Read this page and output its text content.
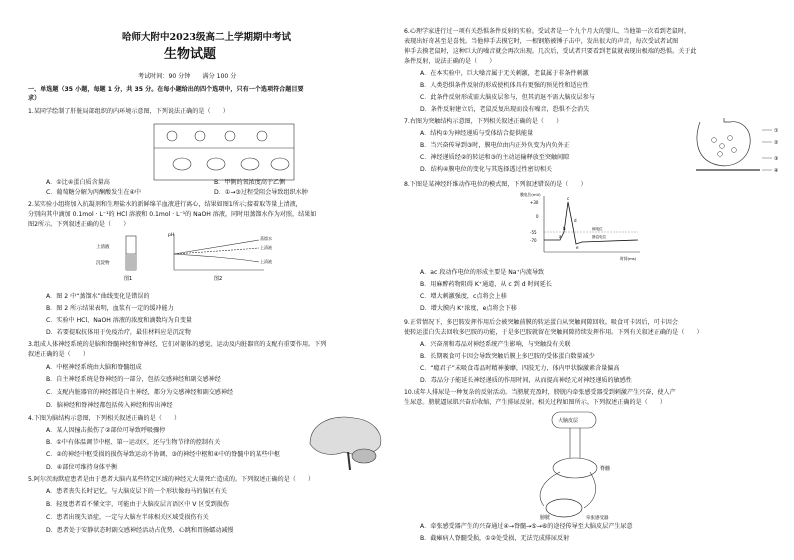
哈师大附中2023级高二上学期期中考试
生物试题
考试时间：90 分钟　　满分 100 分
一、单选题（35 小题，每题 1 分，共 35 分。在每小题给出的四个选项中，只有一个选项符合题目要
求）
1.某同学绘制了肝脏局部组织的内环境示意图，下列说法正确的是（　　）
A．①比④蛋白质含量高	B．甲側的氧浓度高于乙侧
C．葡萄糖分解为丙酮酸发生在④中	D．①→③过程受阻会导致组织水肿
2.某实验小组将加入抗凝剂和生理盐水的新鲜绵羊血液进行离心，结果如图1所示;接着取等量上清液，
分别向其中滴加 0.1mol · L⁻¹的 HCl 溶液和 0.1mol · L⁻¹的 NaOH 溶液，同时用蒸馏水作为对照，结果如
图2所示。下列叙述正确的是（　　）
上清液
沉淀物
图1
pH
蒸馏水
上清液
上清液
图2
A．图 2 中“蒸馏水”曲线变化是错误的
B．图 2 所示结果表明，血浆有一定的缓冲能力
C．实验中 HCl、NaOH 溶液的浓度和滴数均为自变量
D．若要提取抗体用于免疫治疗，最佳材料应是沉淀物
3.组成人体神经系统的是脑和脊髓神经和脊神经，它们对躯体的感觉、运动及内脏器官的支配有重要作用。下列
叙述正确的是（　　）
A．中枢神经系统由大脑和脊髓组成
B．自主神经系统是脊神经的一部分，包括交感神经和副交感神经
C．支配内脏器官的神经都是自主神经，都分为交感神经和副交感神经
D．脑神经和脊神经都包括传入神经和传出神经
4.下图为脑结构示意图，下列相关叙述正确的是（　　）
A．某人因撞击损伤了②部位可导致呼吸骤停
B．①中有体温调节中枢、第一运动区，还与生物节律的控制有关
C．②的神经中枢受损的损伤导致运动不协调、③的神经中枢和④中的脊髓中的某些中枢
D．④部位可维持身体平衡
5.阿尔茨海默症患者是由于患者大脑内某些特定区域的神经元大量死亡造成的。下列叙述正确的是（　　）
A．患者丧失长时记忆，与大脑皮层下的一个形状像海马的脑区有关
B．轻度患者看不懂文字，可能由于大脑皮层言语区中 V 区受到损伤
C．患者出现失语症，一定与大脑左半球相关区域受损伤有关
D．患者处于安静状态时副交感神经活动占优势，心跳和胃肠蠕动减慢
6.心理学家进行过一项有关恐惧条件反射的实验。受试者是一个九个月大的婴儿，当他第一次看到老鼠时，
表现出好奇甚至是喜悦。当他伸手去摸它时，一根钢筋被锤子击中，发出很大的声音，每次受试者试图
伸手去摸老鼠时，这种巨大的噪音就会再次出现。几次后，受试者只要看到老鼠就表现出极端的恐惧。关于此
条件反射，说法正确的是（　　）
A．在本实验中，巨大噪音属于无关刺激，老鼠属于非条件刺激
B．人类恐惧条件反射的形成使机体具有更强的预见性和适应性
C．此条件反射形成需大脑皮层参与，但其消退不需大脑皮层参与
D．条件反射建立后，老鼠反复出现而没有噪音，恐惧不会消失
7.右图为突触结构示意图，下列相关叙述正确的是（　　）
①
②
③
④
A．结构①为神经递质与受体结合提供能量
B．当兴奋传导到③时，膜电位由内正外负变为内负外正
C．神经递质经②的转运和③的主动运输释放至突触间隙
D．结构④膜电位的变化与其选择透过性密切相关
8.下图是某神经纤维动作电位的模式图，下列叙述错误的是（　　）
膜电位(mV)
+30
0
-55
-70
a
b
c
d
e
阈电位
静息电位
时间(ms)
A．ac 段动作电位的形成主要是 Na⁺内流导致
B．用麻醉药物阻碍 K⁺通道，从 c 到 d 时间延长
C．增大刺激强度，c点将会上移
D．增大膜内 K⁺浓度，e点将会下移
9.正常情况下，多巴胺发挥作用后会被突触前膜的转运蛋白从突触间隙回收。吸食可卡因后，可卡因会
使转运蛋白失去回收多巴胺的功能，于是多巴胺就留在突触间隙持续发挥作用。下列有关叙述正确的是（　　）
A．兴奋剂和毒品对神经系统产生影响，与突触没有关联
B．长期吸食可卡因会导致突触后膜上多巴胺的受体蛋白数量减少
C．“瘾君子”未吸食毒品时精神萎靡，四肢无力，体内甲状腺激素含量偏高
D．毒品分子能延长神经递质的作用时间，从而提高神经元对神经递质的敏感性
10.成年人排尿是一种复杂的反射活动。当膀胱充盈时，膀胱内牵张感受器受到刺激产生兴奋，使人产
生尿意。膀胱逼尿肌兴奋后收缩，产生排尿反射。相关过程如图所示。下列叙述正确的是（　　）
大脑皮层
脊髓
膀胱	牵张感受器
A．牵张感受器产生的兴奋通过④→脊髓→⑤→⑥的途径传导至大脑皮层产生尿意
B．截瘫病人脊髓受损，①②处受损，无法完成排尿反射
